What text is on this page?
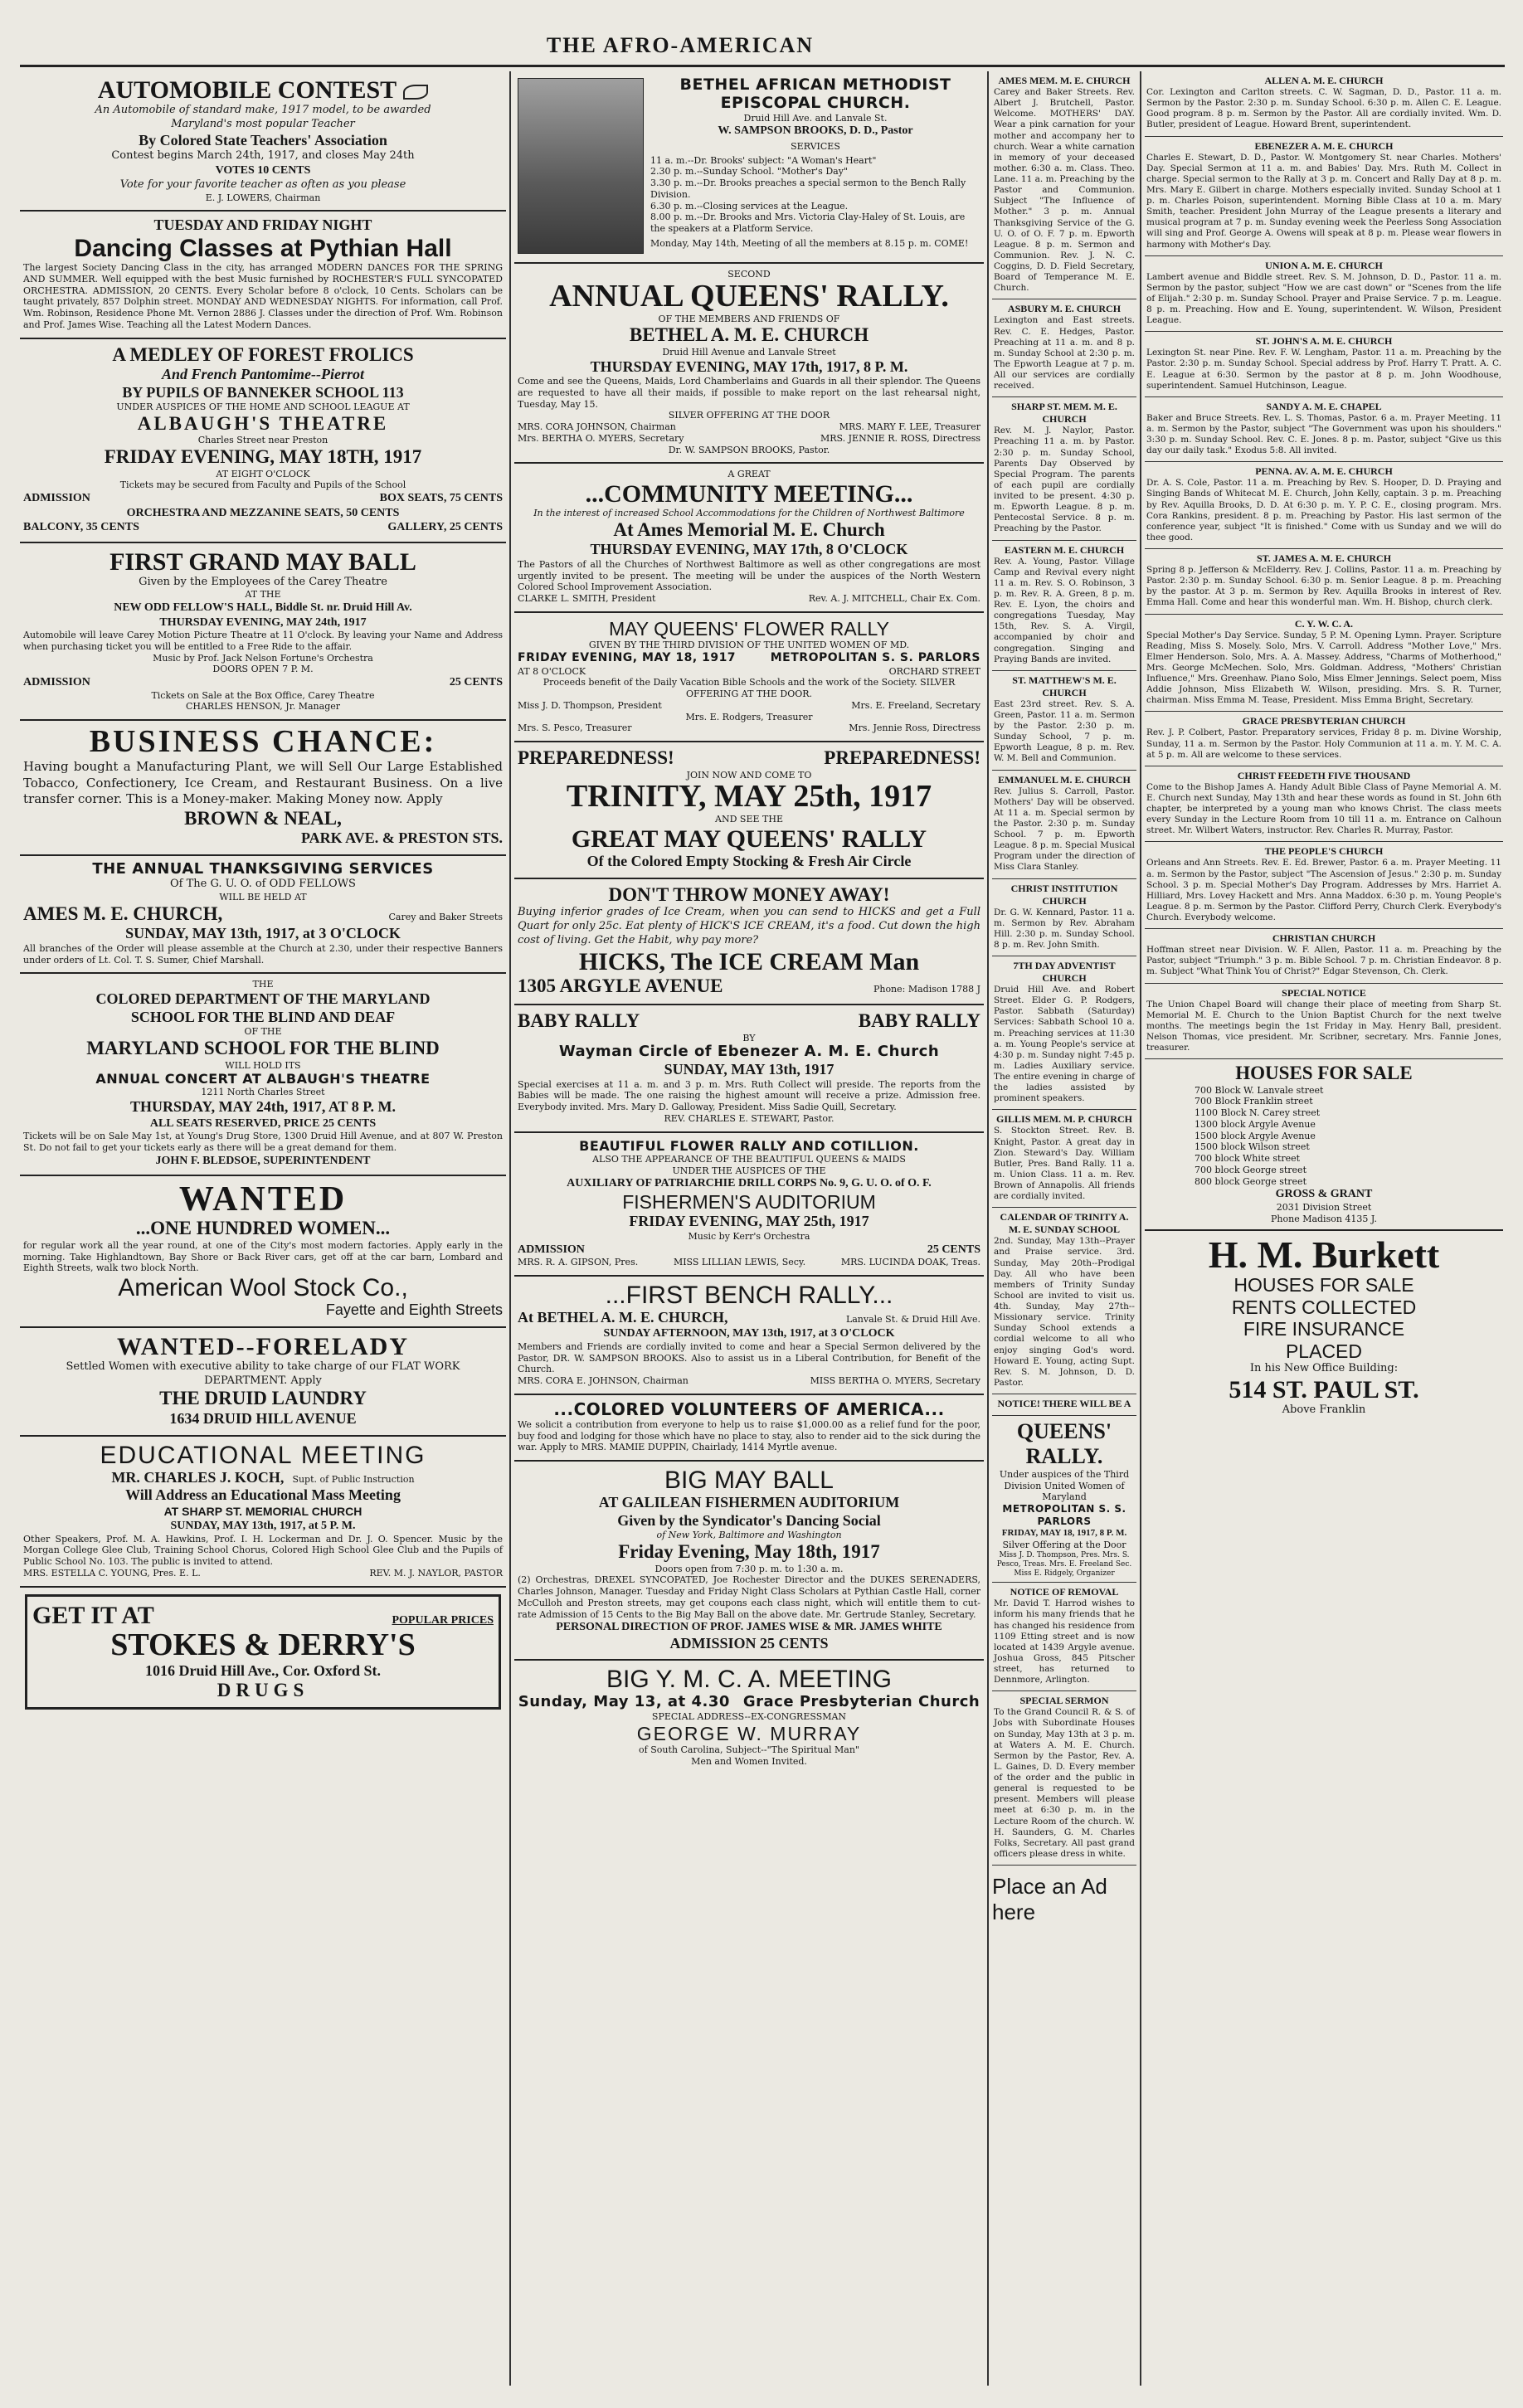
THE AFRO-AMERICAN
AUTOMOBILE CONTEST
An Automobile of standard make, 1917 model, to be awarded
Maryland's most popular Teacher
By Colored State Teachers' Association
Contest begins March 24th, 1917, and closes May 24th
VOTES 10 CENTS
Vote for your favorite teacher as often as you please
E. J. LOWERS, Chairman
TUESDAY AND FRIDAY NIGHT
Dancing Classes at Pythian Hall
The largest Society Dancing Class in the city, has arranged MODERN DANCES FOR THE SPRING AND SUMMER. Well equipped with the best Music furnished by ROCHESTER'S FULL SYNCOPATED ORCHESTRA. ADMISSION, 20 CENTS. Every Scholar before 8 o'clock, 10 Cents. Scholars can be taught privately, 857 Dolphin street. MONDAY AND WEDNESDAY NIGHTS. For information, call Prof. Wm. Robinson, Residence Phone Mt. Vernon 2886 J. Classes under the direction of Prof. Wm. Robinson and Prof. James Wise. Teaching all the Latest Modern Dances.
A MEDLEY OF FOREST FROLICS
And French Pantomime--Pierrot
BY PUPILS OF BANNEKER SCHOOL 113
UNDER AUSPICES OF THE HOME AND SCHOOL LEAGUE AT
ALBAUGH'S THEATRE
Charles Street near Preston
FRIDAY EVENING, MAY 18TH, 1917
AT EIGHT O'CLOCK
Tickets may be secured from Faculty and Pupils of the School
ADMISSION	BOX SEATS, 75 CENTS
ORCHESTRA AND MEZZANINE SEATS, 50 CENTS
BALCONY, 35 CENTS	GALLERY, 25 CENTS
FIRST GRAND MAY BALL
Given by the Employees of the Carey Theatre
AT THE
NEW ODD FELLOW'S HALL, Biddle St. nr. Druid Hill Av.
THURSDAY EVENING, MAY 24th, 1917
Automobile will leave Carey Motion Picture Theatre at 11 O'clock. By leaving your Name and Address when purchasing ticket you will be entitled to a Free Ride to the affair.
Music by Prof. Jack Nelson Fortune's Orchestra
DOORS OPEN 7 P. M.
ADMISSION	25 CENTS
Tickets on Sale at the Box Office, Carey Theatre
CHARLES HENSON, Jr. Manager
BUSINESS CHANCE:
Having bought a Manufacturing Plant, we will Sell Our Large Established Tobacco, Confectionery, Ice Cream, and Restaurant Business. On a live transfer corner. This is a Money-maker. Making Money now. Apply
BROWN & NEAL,
PARK AVE. & PRESTON STS.
THE ANNUAL THANKSGIVING SERVICES
Of The G. U. O. of ODD FELLOWS
WILL BE HELD AT
AMES M. E. CHURCH,	Carey and Baker Streets
SUNDAY, MAY 13th, 1917, at 3 O'CLOCK
All branches of the Order will please assemble at the Church at 2.30, under their respective Banners under orders of Lt. Col. T. S. Sumer, Chief Marshall.
THE
COLORED DEPARTMENT OF THE MARYLAND
SCHOOL FOR THE BLIND AND DEAF
OF THE
MARYLAND SCHOOL FOR THE BLIND
WILL HOLD ITS
ANNUAL CONCERT AT ALBAUGH'S THEATRE
1211 North Charles Street
THURSDAY, MAY 24th, 1917, AT 8 P. M.
ALL SEATS RESERVED, PRICE 25 CENTS
Tickets will be on Sale May 1st, at Young's Drug Store, 1300 Druid Hill Avenue, and at 807 W. Preston St. Do not fail to get your tickets early as there will be a great demand for them.
JOHN F. BLEDSOE, SUPERINTENDENT
WANTED
...ONE HUNDRED WOMEN...
for regular work all the year round, at one of the City's most modern factories. Apply early in the morning. Take Highlandtown, Bay Shore or Back River cars, get off at the car barn, Lombard and Eighth Streets, walk two block North.
American Wool Stock Co.,
Fayette and Eighth Streets
WANTED--FORELADY
Settled Women with executive ability to take charge of our FLAT WORK DEPARTMENT. Apply
THE DRUID LAUNDRY
1634 DRUID HILL AVENUE
EDUCATIONAL MEETING
MR. CHARLES J. KOCH, Supt. of Public Instruction
Will Address an Educational Mass Meeting
AT SHARP ST. MEMORIAL CHURCH
SUNDAY, MAY 13th, 1917, at 5 P. M.
Other Speakers, Prof. M. A. Hawkins, Prof. I. H. Lockerman and Dr. J. O. Spencer. Music by the Morgan College Glee Club, Training School Chorus, Colored High School Glee Club and the Pupils of Public School No. 103. The public is invited to attend.
MRS. ESTELLA C. YOUNG, Pres. E. L.	REV. M. J. NAYLOR, PASTOR
GET IT AT	POPULAR PRICES
STOKES & DERRY'S
1016 Druid Hill Ave., Cor. Oxford St.
DRUGS
BETHEL AFRICAN METHODIST EPISCOPAL CHURCH.
Druid Hill Ave. and Lanvale St.
W. SAMPSON BROOKS, D. D., Pastor
SERVICES
11 a. m.--Dr. Brooks' subject: "A Woman's Heart"
2.30 p. m.--Sunday School. "Mother's Day"
3.30 p. m.--Dr. Brooks preaches a special sermon to the Bench Rally Division.
6.30 p. m.--Closing services at the League.
8.00 p. m.--Dr. Brooks and Mrs. Victoria Clay-Haley of St. Louis, are the speakers at a Platform Service.
Monday, May 14th, Meeting of all the members at 8.15 p. m. COME!
SECOND
ANNUAL QUEENS' RALLY.
OF THE MEMBERS AND FRIENDS OF
BETHEL A. M. E. CHURCH
Druid Hill Avenue and Lanvale Street
THURSDAY EVENING, MAY 17th, 1917, 8 P. M.
Come and see the Queens, Maids, Lord Chamberlains and Guards in all their splendor. The Queens are requested to have all their maids, if possible to make report on the last rehearsal night, Tuesday, May 15.
SILVER OFFERING AT THE DOOR
MRS. CORA JOHNSON, Chairman	MRS. MARY F. LEE, Treasurer
Mrs. BERTHA O. MYERS, Secretary	MRS. JENNIE R. ROSS, Directress
Dr. W. SAMPSON BROOKS, Pastor.
A GREAT
...COMMUNITY MEETING...
In the interest of increased School Accommodations for the Children of Northwest Baltimore
At Ames Memorial M. E. Church
THURSDAY EVENING, MAY 17th, 8 O'CLOCK
The Pastors of all the Churches of Northwest Baltimore as well as other congregations are most urgently invited to be present. The meeting will be under the auspices of the North Western Colored School Improvement Association.
CLARKE L. SMITH, President	Rev. A. J. MITCHELL, Chair Ex. Com.
MAY QUEENS' FLOWER RALLY
GIVEN BY THE THIRD DIVISION OF THE UNITED WOMEN OF MD.
FRIDAY EVENING, MAY 18, 1917	METROPOLITAN S. S. PARLORS
AT 8 O'CLOCK	ORCHARD STREET
Proceeds benefit of the Daily Vacation Bible Schools and the work of the Society. SILVER OFFERING AT THE DOOR.
Miss J. D. Thompson, President	Mrs. E. Freeland, Secretary
Mrs. E. Rodgers, Treasurer
Mrs. S. Pesco, Treasurer	Mrs. Jennie Ross, Directress
PREPAREDNESS!	PREPAREDNESS!
JOIN NOW AND COME TO
TRINITY, MAY 25th, 1917
AND SEE THE
GREAT MAY QUEENS' RALLY
Of the Colored Empty Stocking & Fresh Air Circle
DON'T THROW MONEY AWAY!
Buying inferior grades of Ice Cream, when you can send to HICKS and get a Full Quart for only 25c. Eat plenty of HICK'S ICE CREAM, it's a food. Cut down the high cost of living. Get the Habit, why pay more?
HICKS, The ICE CREAM Man
1305 ARGYLE AVENUE	Phone: Madison 1788 J
BABY RALLY	BABY RALLY
BY
Wayman Circle of Ebenezer A. M. E. Church
SUNDAY, MAY 13th, 1917
Special exercises at 11 a. m. and 3 p. m. Mrs. Ruth Collect will preside. The reports from the Babies will be made. The one raising the highest amount will receive a prize. Admission free. Everybody invited. Mrs. Mary D. Galloway, President. Miss Sadie Quill, Secretary.
REV. CHARLES E. STEWART, Pastor.
BEAUTIFUL FLOWER RALLY AND COTILLION.
ALSO THE APPEARANCE OF THE BEAUTIFUL QUEENS & MAIDS
UNDER THE AUSPICES OF THE
AUXILIARY OF PATRIARCHIE DRILL CORPS No. 9, G. U. O. of O. F.
FISHERMEN'S AUDITORIUM
FRIDAY EVENING, MAY 25th, 1917
Music by Kerr's Orchestra
ADMISSION	25 CENTS
MRS. R. A. GIPSON, Pres.	MISS LILLIAN LEWIS, Secy.	MRS. LUCINDA DOAK, Treas.
...FIRST BENCH RALLY...
At BETHEL A. M. E. CHURCH,	Lanvale St. & Druid Hill Ave.
SUNDAY AFTERNOON, MAY 13th, 1917, at 3 O'CLOCK
Members and Friends are cordially invited to come and hear a Special Sermon delivered by the Pastor, DR. W. SAMPSON BROOKS. Also to assist us in a Liberal Contribution, for Benefit of the Church.
MRS. CORA E. JOHNSON, Chairman	MISS BERTHA O. MYERS, Secretary
...COLORED VOLUNTEERS OF AMERICA...
We solicit a contribution from everyone to help us to raise $1,000.00 as a relief fund for the poor, buy food and lodging for those which have no place to stay, also to render aid to the sick during the war. Apply to MRS. MAMIE DUPPIN, Chairlady, 1414 Myrtle avenue.
BIG MAY BALL
AT GALILEAN FISHERMEN AUDITORIUM
Given by the Syndicator's Dancing Social
of New York, Baltimore and Washington
Friday Evening, May 18th, 1917
Doors open from 7:30 p. m. to 1:30 a. m.
(2) Orchestras, DREXEL SYNCOPATED, Joe Rochester Director and the DUKES SERENADERS, Charles Johnson, Manager. Tuesday and Friday Night Class Scholars at Pythian Castle Hall, corner McCulloh and Preston streets, may get coupons each class night, which will entitle them to cut-rate Admission of 15 Cents to the Big May Ball on the above date. Mr. Gertrude Stanley, Secretary.
PERSONAL DIRECTION OF PROF. JAMES WISE & MR. JAMES WHITE
ADMISSION 25 CENTS
BIG Y. M. C. A. MEETING
Sunday, May 13, at 4.30 Grace Presbyterian Church
SPECIAL ADDRESS--EX-CONGRESSMAN
GEORGE W. MURRAY
of South Carolina, Subject--"The Spiritual Man"
Men and Women Invited.
AMES MEM. M. E. CHURCH
Carey and Baker Streets. Rev. Albert J. Brutchell, Pastor. Welcome. MOTHERS' DAY. Wear a pink carnation for your mother and accompany her to church. Wear a white carnation in memory of your deceased mother. 6:30 a. m. Class. Theo. Lane. 11 a. m. Preaching by the Pastor and Communion. Subject "The Influence of Mother." 3 p. m. Annual Thanksgiving Service of the G. U. O. of O. F. 7 p. m. Epworth League. 8 p. m. Sermon and Communion. Rev. J. N. C. Coggins, D. D. Field Secretary, Board of Temperance M. E. Church.
ASBURY M. E. CHURCH
Lexington and East streets. Rev. C. E. Hedges, Pastor. Preaching at 11 a. m. and 8 p. m. Sunday School at 2:30 p. m. The Epworth League at 7 p. m. All our services are cordially received.
SHARP ST. MEM. M. E. CHURCH
Rev. M. J. Naylor, Pastor. Preaching 11 a. m. by Pastor. 2:30 p. m. Sunday School, Parents Day Observed by Special Program. The parents of each pupil are cordially invited to be present. 4:30 p. m. Epworth League. 8 p. m. Pentecostal Service. 8 p. m. Preaching by the Pastor.
EASTERN M. E. CHURCH
Rev. A. Young, Pastor. Village Camp and Revival every night 11 a. m. Rev. S. O. Robinson, 3 p. m. Rev. R. A. Green, 8 p. m. Rev. E. Lyon, the choirs and congregations Tuesday, May 15th, Rev. S. A. Virgil, accompanied by choir and congregation. Singing and Praying Bands are invited.
ST. MATTHEW'S M. E. CHURCH
East 23rd street. Rev. S. A. Green, Pastor. 11 a. m. Sermon by the Pastor. 2:30 p. m. Sunday School, 7 p. m. Epworth League, 8 p. m. Rev. W. M. Bell and Communion.
EMMANUEL M. E. CHURCH
Rev. Julius S. Carroll, Pastor. Mothers' Day will be observed. At 11 a. m. Special sermon by the Pastor. 2:30 p. m. Sunday School. 7 p. m. Epworth League. 8 p. m. Special Musical Program under the direction of Miss Clara Stanley.
CHRIST INSTITUTION CHURCH
Dr. G. W. Kennard, Pastor. 11 a. m. Sermon by Rev. Abraham Hill. 2:30 p. m. Sunday School. 8 p. m. Rev. John Smith.
7TH DAY ADVENTIST CHURCH
Druid Hill Ave. and Robert Street. Elder G. P. Rodgers, Pastor. Sabbath (Saturday) Services: Sabbath School 10 a. m. Preaching services at 11:30 a. m. Young People's service at 4:30 p. m. Sunday night 7:45 p. m. Ladies Auxiliary service. The entire evening in charge of the ladies assisted by prominent speakers.
GILLIS MEM. M. P. CHURCH
S. Stockton Street. Rev. B. Knight, Pastor. A great day in Zion. Steward's Day. William Butler, Pres. Band Rally. 11 a. m. Union Class. 11 a. m. Rev. Brown of Annapolis. All friends are cordially invited.
CALENDAR OF TRINITY A. M. E. SUNDAY SCHOOL
2nd. Sunday, May 13th--Prayer and Praise service. 3rd. Sunday, May 20th--Prodigal Day. All who have been members of Trinity Sunday School are invited to visit us. 4th. Sunday, May 27th--Missionary service. Trinity Sunday School extends a cordial welcome to all who enjoy singing God's word. Howard E. Young, acting Supt. Rev. S. M. Johnson, D. D. Pastor.
NOTICE! THERE WILL BE A
QUEENS' RALLY.
Under auspices of the Third Division United Women of Maryland
METROPOLITAN S. S. PARLORS
FRIDAY, MAY 18, 1917, 8 P. M.
Silver Offering at the Door
Miss J. D. Thompson, Pres. Mrs. S. Pesco, Treas. Mrs. E. Freeland Sec. Miss E. Ridgely, Organizer
NOTICE OF REMOVAL
Mr. David T. Harrod wishes to inform his many friends that he has changed his residence from 1109 Etting street and is now located at 1439 Argyle avenue. Joshua Gross, 845 Pitscher street, has returned to Dennmore, Arlington.
SPECIAL SERMON
To the Grand Council R. & S. of Jobs with Subordinate Houses on Sunday, May 13th at 3 p. m. at Waters A. M. E. Church. Sermon by the Pastor, Rev. A. L. Gaines, D. D. Every member of the order and the public in general is requested to be present. Members will please meet at 6:30 p. m. in the Lecture Room of the church. W. H. Saunders, G. M. Charles Folks, Secretary. All past grand officers please dress in white.
Place an Ad here
ALLEN A. M. E. CHURCH
Cor. Lexington and Carlton streets. C. W. Sagman, D. D., Pastor. 11 a. m. Sermon by the Pastor. 2:30 p. m. Sunday School. 6:30 p. m. Allen C. E. League. Good program. 8 p. m. Sermon by the Pastor. All are cordially invited. Wm. D. Butler, president of League. Howard Brent, superintendent.
EBENEZER A. M. E. CHURCH
Charles E. Stewart, D. D., Pastor. W. Montgomery St. near Charles. Mothers' Day. Special Sermon at 11 a. m. and Babies' Day. Mrs. Ruth M. Collect in charge. Special sermon to the Rally at 3 p. m. Concert and Rally Day at 8 p. m. Mrs. Mary E. Gilbert in charge. Mothers especially invited. Sunday School at 1 p. m. Charles Poison, superintendent. Morning Bible Class at 10 a. m. Mary Smith, teacher. President John Murray of the League presents a literary and musical program at 7 p. m. Sunday evening week the Peerless Song Association will sing and Prof. George A. Owens will speak at 8 p. m. Please wear flowers in harmony with Mother's Day.
UNION A. M. E. CHURCH
Lambert avenue and Biddle street. Rev. S. M. Johnson, D. D., Pastor. 11 a. m. Sermon by the pastor, subject "How we are cast down" or "Scenes from the life of Elijah." 2:30 p. m. Sunday School. Prayer and Praise Service. 7 p. m. League. 8 p. m. Preaching. How and E. Young, superintendent. W. Wilson, President League.
ST. JOHN'S A. M. E. CHURCH
Lexington St. near Pine. Rev. F. W. Lengham, Pastor. 11 a. m. Preaching by the Pastor. 2:30 p. m. Sunday School. Special address by Prof. Harry T. Pratt. A. C. E. League at 6:30. Sermon by the pastor at 8 p. m. John Woodhouse, superintendent. Samuel Hutchinson, League.
SANDY A. M. E. CHAPEL
Baker and Bruce Streets. Rev. L. S. Thomas, Pastor. 6 a. m. Prayer Meeting. 11 a. m. Sermon by the Pastor, subject "The Government was upon his shoulders." 3:30 p. m. Sunday School. Rev. C. E. Jones. 8 p. m. Pastor, subject "Give us this day our daily task." Exodus 5:8. All invited.
PENNA. AV. A. M. E. CHURCH
Dr. A. S. Cole, Pastor. 11 a. m. Preaching by Rev. S. Hooper, D. D. Praying and Singing Bands of Whitecat M. E. Church, John Kelly, captain. 3 p. m. Preaching by Rev. Aquilla Brooks, D. D. At 6:30 p. m. Y. P. C. E., closing program. Mrs. Cora Rankins, president. 8 p. m. Preaching by Pastor. His last sermon of the conference year, subject "It is finished." Come with us Sunday and we will do thee good.
ST. JAMES A. M. E. CHURCH
Spring 8 p. Jefferson & McElderry. Rev. J. Collins, Pastor. 11 a. m. Preaching by Pastor. 2:30 p. m. Sunday School. 6:30 p. m. Senior League. 8 p. m. Preaching by the pastor. At 3 p. m. Sermon by Rev. Aquilla Brooks in interest of Rev. Emma Hall. Come and hear this wonderful man. Wm. H. Bishop, church clerk.
C. Y. W. C. A.
Special Mother's Day Service. Sunday, 5 P. M. Opening Lymn. Prayer. Scripture Reading, Miss S. Mosely. Solo, Mrs. V. Carroll. Address "Mother Love," Mrs. Elmer Henderson. Solo, Mrs. A. A. Massey. Address, "Charms of Motherhood," Mrs. George McMechen. Solo, Mrs. Goldman. Address, "Mothers' Christian Influence," Mrs. Greenhaw. Piano Solo, Miss Elmer Jennings. Select poem, Miss Addie Johnson, Miss Elizabeth W. Wilson, presiding. Mrs. S. R. Turner, chairman. Miss Emma M. Tease, President. Miss Emma Bright, Secretary.
GRACE PRESBYTERIAN CHURCH
Rev. J. P. Colbert, Pastor. Preparatory services, Friday 8 p. m. Divine Worship, Sunday, 11 a. m. Sermon by the Pastor. Holy Communion at 11 a. m. Y. M. C. A. at 5 p. m. All are welcome to these services.
CHRIST FEEDETH FIVE THOUSAND
Come to the Bishop James A. Handy Adult Bible Class of Payne Memorial A. M. E. Church next Sunday, May 13th and hear these words as found in St. John 6th chapter, be interpreted by a young man who knows Christ. The class meets every Sunday in the Lecture Room from 10 till 11 a. m. Entrance on Calhoun street. Mr. Wilbert Waters, instructor. Rev. Charles R. Murray, Pastor.
THE PEOPLE'S CHURCH
Orleans and Ann Streets. Rev. E. Ed. Brewer, Pastor. 6 a. m. Prayer Meeting. 11 a. m. Sermon by the Pastor, subject "The Ascension of Jesus." 2:30 p. m. Sunday School. 3 p. m. Special Mother's Day Program. Addresses by Mrs. Harriet A. Hilliard, Mrs. Lovey Hackett and Mrs. Anna Maddox. 6:30 p. m. Young People's League. 8 p. m. Sermon by the Pastor. Clifford Perry, Church Clerk. Everybody's Church. Everybody welcome.
CHRISTIAN CHURCH
Hoffman street near Division. W. F. Allen, Pastor. 11 a. m. Preaching by the Pastor, subject "Triumph." 3 p. m. Bible School. 7 p. m. Christian Endeavor. 8 p. m. Subject "What Think You of Christ?" Edgar Stevenson, Ch. Clerk.
SPECIAL NOTICE
The Union Chapel Board will change their place of meeting from Sharp St. Memorial M. E. Church to the Union Baptist Church for the next twelve months. The meetings begin the 1st Friday in May. Henry Ball, president. Nelson Thomas, vice president. Mr. Scribner, secretary. Mrs. Fannie Jones, treasurer.
HOUSES FOR SALE
700 Block W. Lanvale street
700 Block Franklin street
1100 Block N. Carey street
1300 block Argyle Avenue
1500 block Argyle Avenue
1500 block Wilson street
700 block White street
700 block George street
800 block George street
GROSS & GRANT
2031 Division Street
Phone Madison 4135 J.
H. M. Burkett
HOUSES FOR SALE
RENTS COLLECTED
FIRE INSURANCE
PLACED
In his New Office Building:
514 ST. PAUL ST.
Above Franklin
